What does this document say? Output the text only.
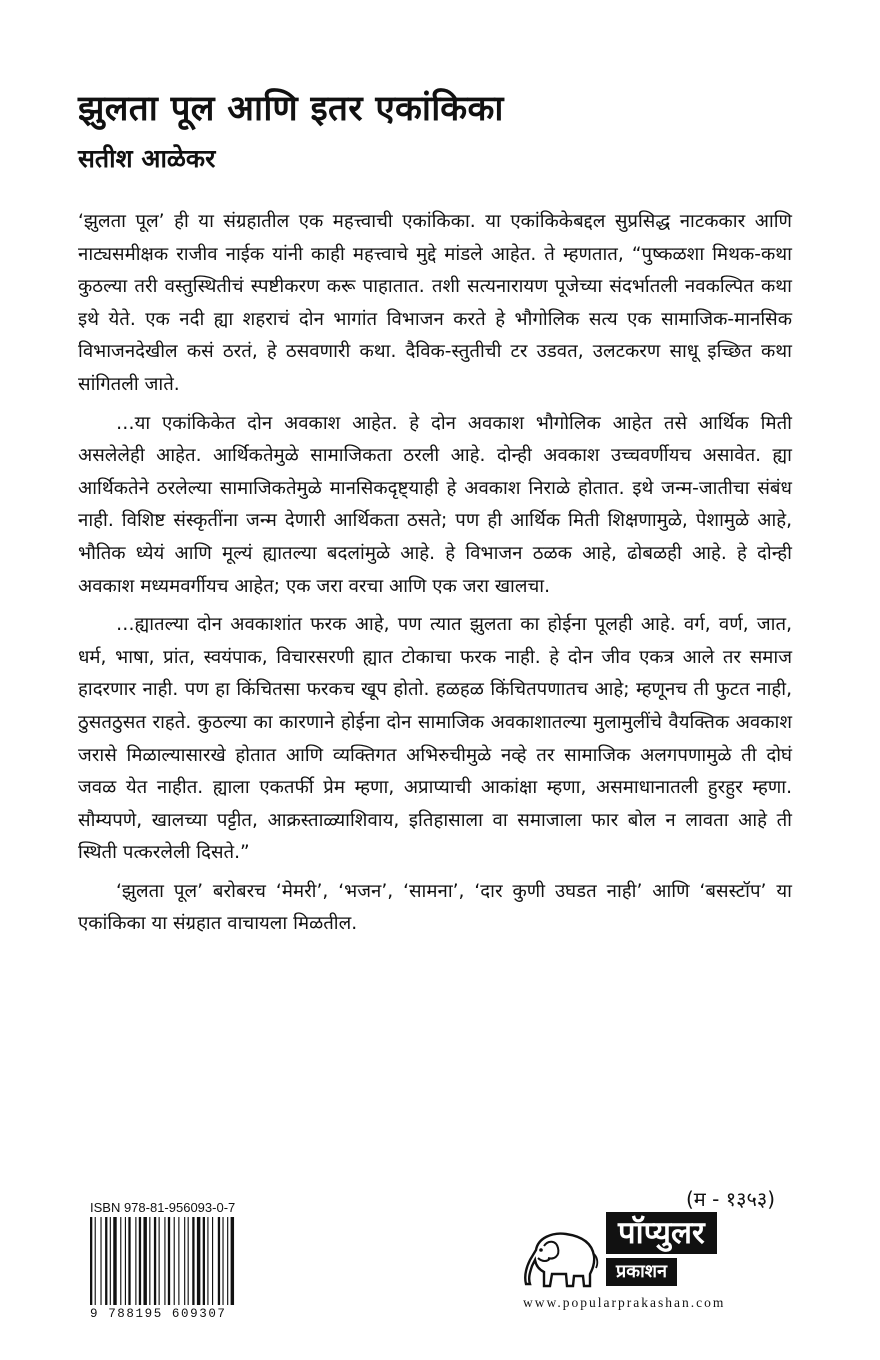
झुलता पूल आणि इतर एकांकिका
सतीश आळेकर

‘झुलता पूल’ ही या संग्रहातील एक महत्त्वाची एकांकिका. या एकांकिकेबद्दल सुप्रसिद्ध नाटककार आणि नाट्यसमीक्षक राजीव नाईक यांनी काही महत्त्वाचे मुद्दे मांडले आहेत. ते म्हणतात, “पुष्कळशा मिथक-कथा कुठल्या तरी वस्तुस्थितीचं स्पष्टीकरण करू पाहातात. तशी सत्यनारायण पूजेच्या संदर्भातली नवकल्पित कथा इथे येते. एक नदी ह्या शहराचं दोन भागांत विभाजन करते हे भौगोलिक सत्य एक सामाजिक-मानसिक विभाजनदेखील कसं ठरतं, हे ठसवणारी कथा. दैविक-स्तुतीची टर उडवत, उलटकरण साधू इच्छित कथा सांगितली जाते.

…या एकांकिकेत दोन अवकाश आहेत. हे दोन अवकाश भौगोलिक आहेत तसे आर्थिक मिती असलेलेही आहेत. आर्थिकतेमुळे सामाजिकता ठरली आहे. दोन्ही अवकाश उच्चवर्णीयच असावेत. ह्या आर्थिकतेने ठरलेल्या सामाजिकतेमुळे मानसिकदृष्ट्याही हे अवकाश निराळे होतात. इथे जन्म-जातीचा संबंध नाही. विशिष्ट संस्कृतींना जन्म देणारी आर्थिकता ठसते; पण ही आर्थिक मिती शिक्षणामुळे, पेशामुळे आहे, भौतिक ध्येयं आणि मूल्यं ह्यातल्या बदलांमुळे आहे. हे विभाजन ठळक आहे, ढोबळही आहे. हे दोन्ही अवकाश मध्यमवर्गीयच आहेत; एक जरा वरचा आणि एक जरा खालचा.

…ह्यातल्या दोन अवकाशांत फरक आहे, पण त्यात झुलता का होईना पूलही आहे. वर्ग, वर्ण, जात, धर्म, भाषा, प्रांत, स्वयंपाक, विचारसरणी ह्यात टोकाचा फरक नाही. हे दोन जीव एकत्र आले तर समाज हादरणार नाही. पण हा किंचितसा फरकच खूप होतो. हळहळ किंचितपणातच आहे; म्हणूनच ती फुटत नाही, ठुसतठुसत राहते. कुठल्या का कारणाने होईना दोन सामाजिक अवकाशातल्या मुलामुलींचे वैयक्तिक अवकाश जरासे मिळाल्यासारखे होतात आणि व्यक्तिगत अभिरुचीमुळे नव्हे तर सामाजिक अलगपणामुळे ती दोघं जवळ येत नाहीत. ह्याला एकतर्फी प्रेम म्हणा, अप्राप्याची आकांक्षा म्हणा, असमाधानातली हुरहुर म्हणा. सौम्यपणे, खालच्या पट्टीत, आक्रस्ताळ्याशिवाय, इतिहासाला वा समाजाला फार बोल न लावता आहे ती स्थिती पत्करलेली दिसते.”

‘झुलता पूल’ बरोबरच ‘मेमरी’, ‘भजन’, ‘सामना’, ‘दार कुणी उघडत नाही’ आणि ‘बसस्टॉप’ या एकांकिका या संग्रहात वाचायला मिळतील.

ISBN 978-81-956093-0-7
9 788195 609307
(म - १३५३)
पॉप्युलर
प्रकाशन
www.popularprakashan.com
